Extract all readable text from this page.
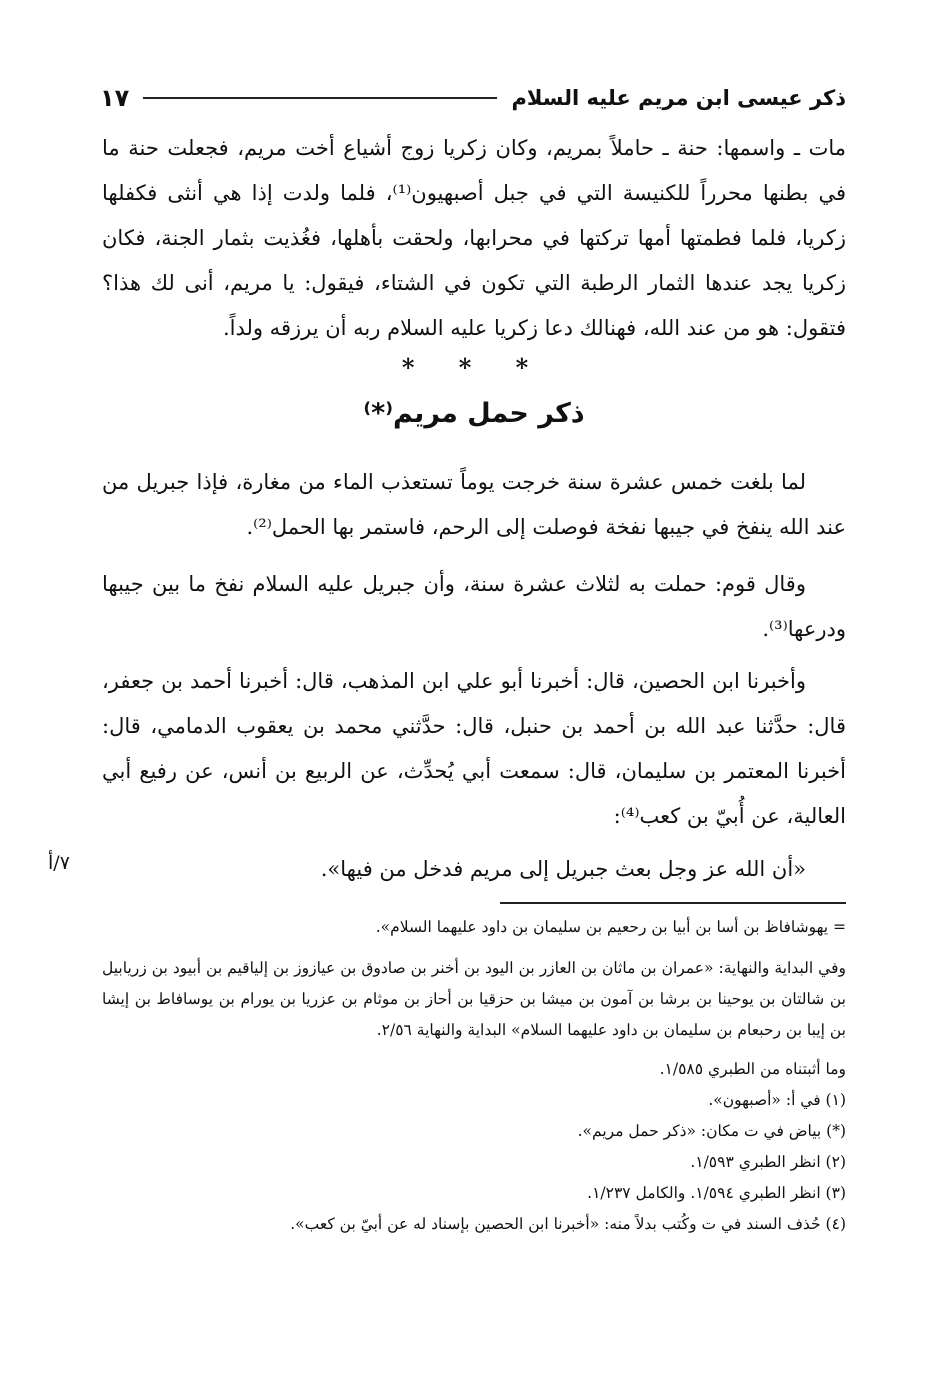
ذكر عيسى ابن مريم عليه السلام
١٧

مات ـ واسمها: حنة ـ حاملاً بمريم، وكان زكريا زوج أشياع أخت مريم، فجعلت حنة ما في بطنها محرراً للكنيسة التي في جبل أصبهيون⁽¹⁾، فلما ولدت إذا هي أنثى فكفلها زكريا، فلما فطمتها أمها تركتها في محرابها، ولحقت بأهلها، فغُذيت بثمار الجنة، فكان زكريا يجد عندها الثمار الرطبة التي تكون في الشتاء، فيقول: يا مريم، أنى لك هذا؟ فتقول: هو من عند الله، فهنالك دعا زكريا عليه السلام ربه أن يرزقه ولداً.

* * *
ذكر حمل مريم⁽*⁾

لما بلغت خمس عشرة سنة خرجت يوماً تستعذب الماء من مغارة، فإذا جبريل من عند الله ينفخ في جيبها نفخة فوصلت إلى الرحم، فاستمر بها الحمل⁽²⁾.

وقال قوم: حملت به لثلاث عشرة سنة، وأن جبريل عليه السلام نفخ ما بين جيبها ودرعها⁽³⁾.

وأخبرنا ابن الحصين، قال: أخبرنا أبو علي ابن المذهب، قال: أخبرنا أحمد بن جعفر، قال: حدَّثنا عبد الله بن أحمد بن حنبل، قال: حدَّثني محمد بن يعقوب الدمامي، قال: أخبرنا المعتمر بن سليمان، قال: سمعت أبي يُحدِّث، عن الربيع بن أنس، عن رفيع أبي العالية، عن أُبيّ بن كعب⁽⁴⁾:

«أن الله عز وجل بعث جبريل إلى مريم فدخل من فيها».
٧/أ
= يهوشافاظ بن أسا بن أبيا بن رحعيم بن سليمان بن داود عليهما السلام».
وفي البداية والنهاية: «عمران بن ماثان بن العازر بن اليود بن أخنر بن صادوق بن عيازوز بن إلياقيم بن أبيود بن زريابيل بن شالتان بن يوحينا بن برشا بن آمون بن ميشا بن حزقيا بن أحاز بن موثام بن عزريا بن يورام بن يوسافاط بن إيشا بن إيبا بن رحبعام بن سليمان بن داود عليهما السلام» البداية والنهاية ٢/٥٦.
وما أثبتناه من الطبري ١/٥٨٥.
(١) في أ: «أصبهون».
(*) بياض في ت مكان: «ذكر حمل مريم».
(٢) انظر الطبري ١/٥٩٣.
(٣) انظر الطبري ١/٥٩٤. والكامل ١/٢٣٧.
(٤) حُذف السند في ت وكُتب بدلاً منه: «أخبرنا ابن الحصين بإسناد له عن أبيّ بن كعب».
